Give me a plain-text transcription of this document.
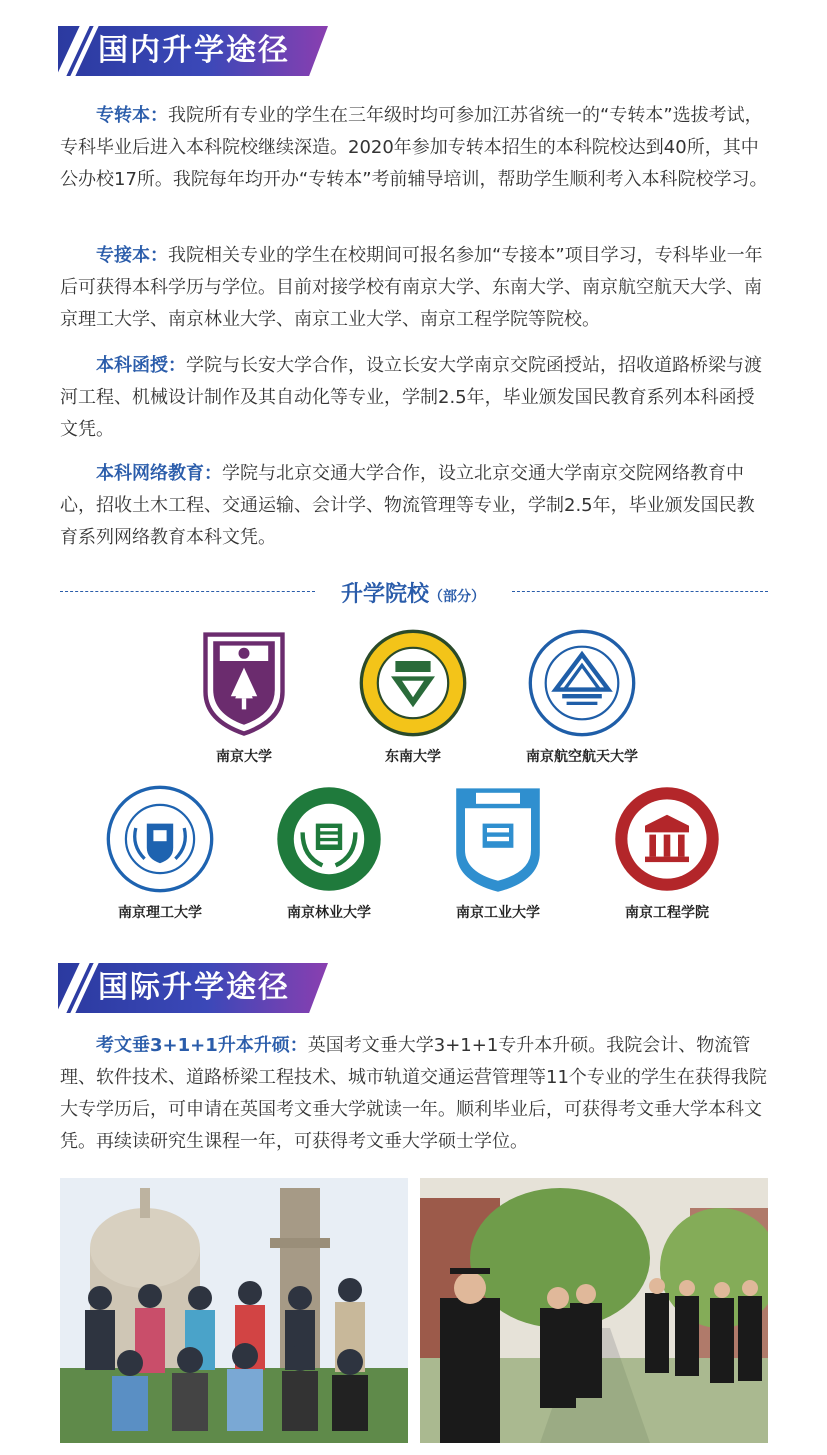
国内升学途径

专转本：我院所有专业的学生在三年级时均可参加江苏省统一的“专转本”选拔考试，专科毕业后进入本科院校继续深造。2020年参加专转本招生的本科院校达到40所，其中公办校17所。我院每年均开办“专转本”考前辅导培训，帮助学生顺利考入本科院校学习。

专接本：我院相关专业的学生在校期间可报名参加“专接本”项目学习，专科毕业一年后可获得本科学历与学位。目前对接学校有南京大学、东南大学、南京航空航天大学、南京理工大学、南京林业大学、南京工业大学、南京工程学院等院校。

本科函授：学院与长安大学合作，设立长安大学南京交院函授站，招收道路桥梁与渡河工程、机械设计制作及其自动化等专业，学制2.5年，毕业颁发国民教育系列本科函授文凭。

本科网络教育：学院与北京交通大学合作，设立北京交通大学南京交院网络教育中心，招收土木工程、交通运输、会计学、物流管理等专业，学制2.5年，毕业颁发国民教育系列网络教育本科文凭。

升学院校（部分）
南京大学	东南大学	南京航空航天大学
南京理工大学	南京林业大学	南京工业大学	南京工程学院
国际升学途径

考文垂3+1+1升本升硕：英国考文垂大学3+1+1专升本升硕。我院会计、物流管理、软件技术、道路桥梁工程技术、城市轨道交通运营管理等11个专业的学生在获得我院大专学历后，可申请在英国考文垂大学就读一年。顺利毕业后，可获得考文垂大学本科文凭。再续读研究生课程一年，可获得考文垂大学硕士学位。
